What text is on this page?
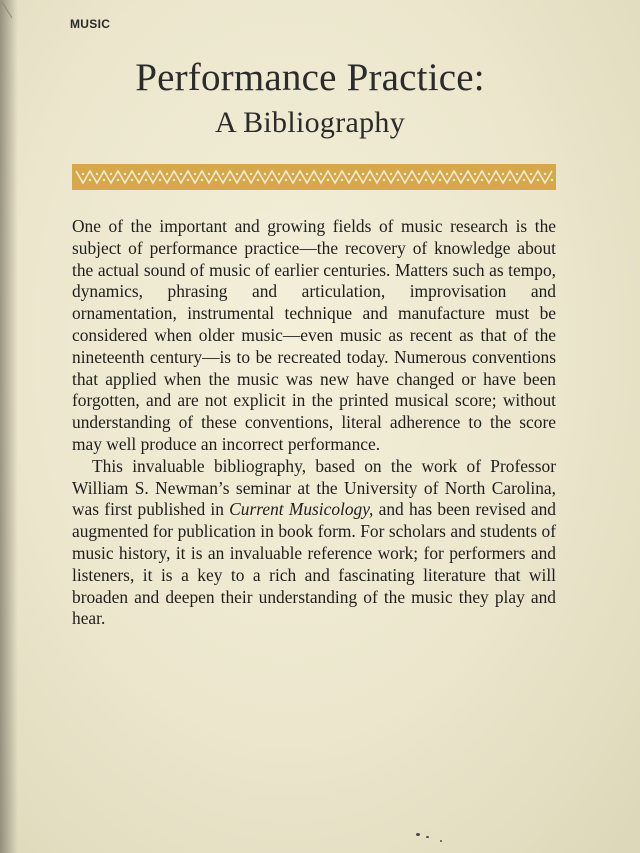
MUSIC
Performance Practice:
A Bibliography

One of the important and growing fields of music research is the subject of performance practice—the recovery of knowledge about the actual sound of music of earlier centuries. Matters such as tempo, dynamics, phrasing and articulation, improvisation and ornamentation, instrumental technique and manufacture must be considered when older music—even music as recent as that of the nineteenth century—is to be recreated today. Numerous conventions that applied when the music was new have changed or have been forgotten, and are not explicit in the printed musical score; without understanding of these conventions, literal adherence to the score may well produce an incorrect performance.

This invaluable bibliography, based on the work of Professor William S. Newman’s seminar at the University of North Carolina, was first published in Current Musicology, and has been revised and augmented for publication in book form. For scholars and students of music history, it is an invaluable reference work; for performers and listeners, it is a key to a rich and fascinating literature that will broaden and deepen their understanding of the music they play and hear.
